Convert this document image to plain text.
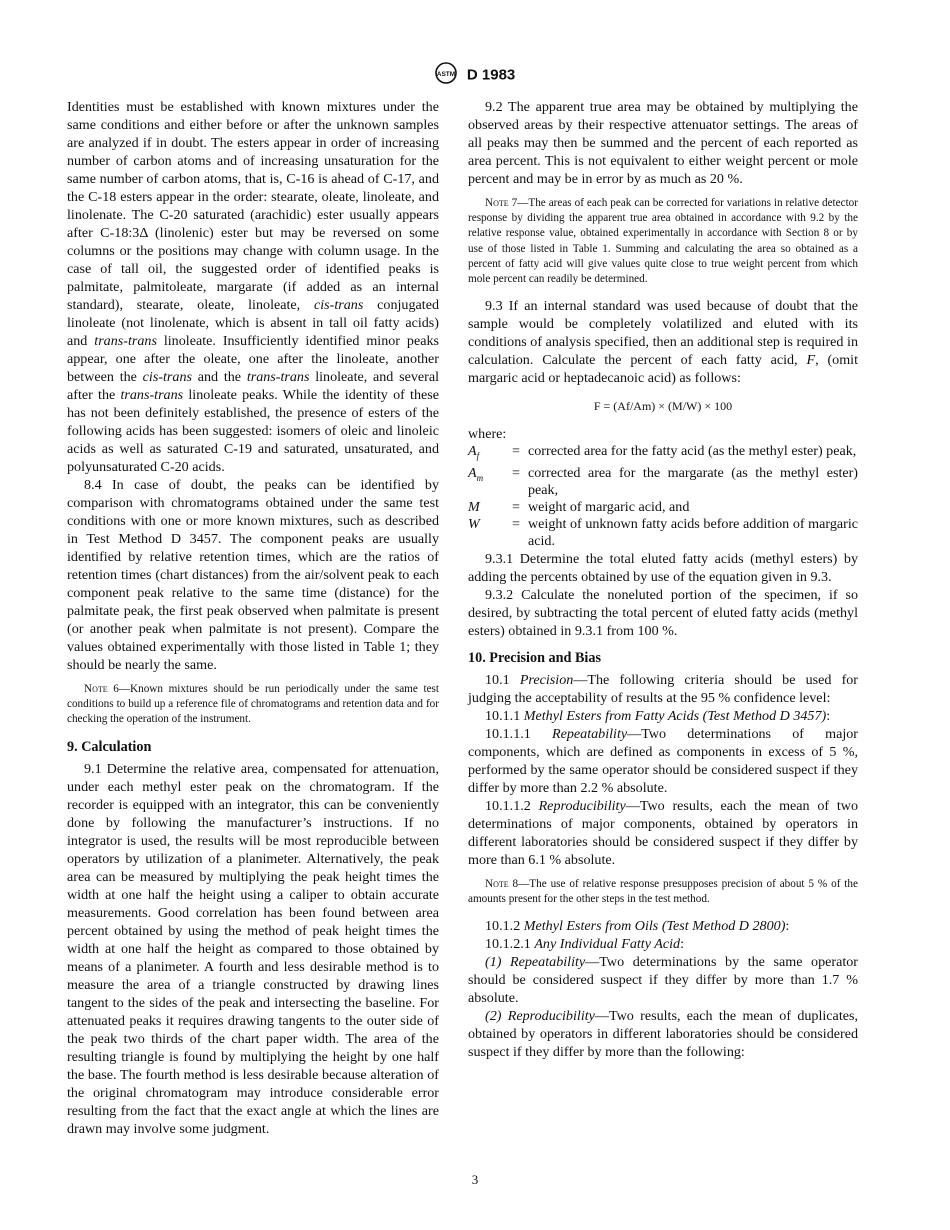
ASTM D 1983

Identities must be established with known mixtures under the same conditions and either before or after the unknown samples are analyzed if in doubt. The esters appear in order of increasing number of carbon atoms and of increasing unsaturation for the same number of carbon atoms, that is, C-16 is ahead of C-17, and the C-18 esters appear in the order: stearate, oleate, linoleate, and linolenate. The C-20 saturated (arachidic) ester usually appears after C-18:3Δ (linolenic) ester but may be reversed on some columns or the positions may change with column usage. In the case of tall oil, the suggested order of identified peaks is palmitate, palmitoleate, margarate (if added as an internal standard), stearate, oleate, linoleate, cis-trans conjugated linoleate (not linolenate, which is absent in tall oil fatty acids) and trans-trans linoleate. Insufficiently identified minor peaks appear, one after the oleate, one after the linoleate, another between the cis-trans and the trans-trans linoleate, and several after the trans-trans linoleate peaks. While the identity of these has not been definitely established, the presence of esters of the following acids has been suggested: isomers of oleic and linoleic acids as well as saturated C-19 and saturated, unsaturated, and polyunsaturated C-20 acids.

8.4 In case of doubt, the peaks can be identified by comparison with chromatograms obtained under the same test conditions with one or more known mixtures, such as described in Test Method D 3457. The component peaks are usually identified by relative retention times, which are the ratios of retention times (chart distances) from the air/solvent peak to each component peak relative to the same time (distance) for the palmitate peak, the first peak observed when palmitate is present (or another peak when palmitate is not present). Compare the values obtained experimentally with those listed in Table 1; they should be nearly the same.

Note 6—Known mixtures should be run periodically under the same test conditions to build up a reference file of chromatograms and retention data and for checking the operation of the instrument.

9. Calculation

9.1 Determine the relative area, compensated for attenuation, under each methyl ester peak on the chromatogram. If the recorder is equipped with an integrator, this can be conveniently done by following the manufacturer’s instructions. If no integrator is used, the results will be most reproducible between operators by utilization of a planimeter. Alternatively, the peak area can be measured by multiplying the peak height times the width at one half the height using a caliper to obtain accurate measurements. Good correlation has been found between area percent obtained by using the method of peak height times the width at one half the height as compared to those obtained by means of a planimeter. A fourth and less desirable method is to measure the area of a triangle constructed by drawing lines tangent to the sides of the peak and intersecting the baseline. For attenuated peaks it requires drawing tangents to the outer side of the peak two thirds of the chart paper width. The area of the resulting triangle is found by multiplying the height by one half the base. The fourth method is less desirable because alteration of the original chromatogram may introduce considerable error resulting from the fact that the exact angle at which the lines are drawn may involve some judgment.

9.2 The apparent true area may be obtained by multiplying the observed areas by their respective attenuator settings. The areas of all peaks may then be summed and the percent of each reported as area percent. This is not equivalent to either weight percent or mole percent and may be in error by as much as 20 %.

Note 7—The areas of each peak can be corrected for variations in relative detector response by dividing the apparent true area obtained in accordance with 9.2 by the relative response value, obtained experimentally in accordance with Section 8 or by use of those listed in Table 1. Summing and calculating the area so obtained as a percent of fatty acid will give values quite close to true weight percent from which mole percent can readily be determined.

9.3 If an internal standard was used because of doubt that the sample would be completely volatilized and eluted with its conditions of analysis specified, then an additional step is required in calculation. Calculate the percent of each fatty acid, F, (omit margaric acid or heptadecanoic acid) as follows:

F = (Af/Am) × (M/W) × 100

where:

$A_f$	=	corrected area for the fatty acid (as the methyl ester) peak,
$A_m$	=	corrected area for the margarate (as the methyl ester) peak,
M	=	weight of margaric acid, and
W	=	weight of unknown fatty acids before addition of margaric acid.

9.3.1 Determine the total eluted fatty acids (methyl esters) by adding the percents obtained by use of the equation given in 9.3.

9.3.2 Calculate the noneluted portion of the specimen, if so desired, by subtracting the total percent of eluted fatty acids (methyl esters) obtained in 9.3.1 from 100 %.

10. Precision and Bias

10.1 Precision—The following criteria should be used for judging the acceptability of results at the 95 % confidence level:

10.1.1 Methyl Esters from Fatty Acids (Test Method D 3457):

10.1.1.1 Repeatability—Two determinations of major components, which are defined as components in excess of 5 %, performed by the same operator should be considered suspect if they differ by more than 2.2 % absolute.

10.1.1.2 Reproducibility—Two results, each the mean of two determinations of major components, obtained by operators in different laboratories should be considered suspect if they differ by more than 6.1 % absolute.

Note 8—The use of relative response presupposes precision of about 5 % of the amounts present for the other steps in the test method.

10.1.2 Methyl Esters from Oils (Test Method D 2800):

10.1.2.1 Any Individual Fatty Acid:

(1) Repeatability—Two determinations by the same operator should be considered suspect if they differ by more than 1.7 % absolute.

(2) Reproducibility—Two results, each the mean of duplicates, obtained by operators in different laboratories should be considered suspect if they differ by more than the following:

3
